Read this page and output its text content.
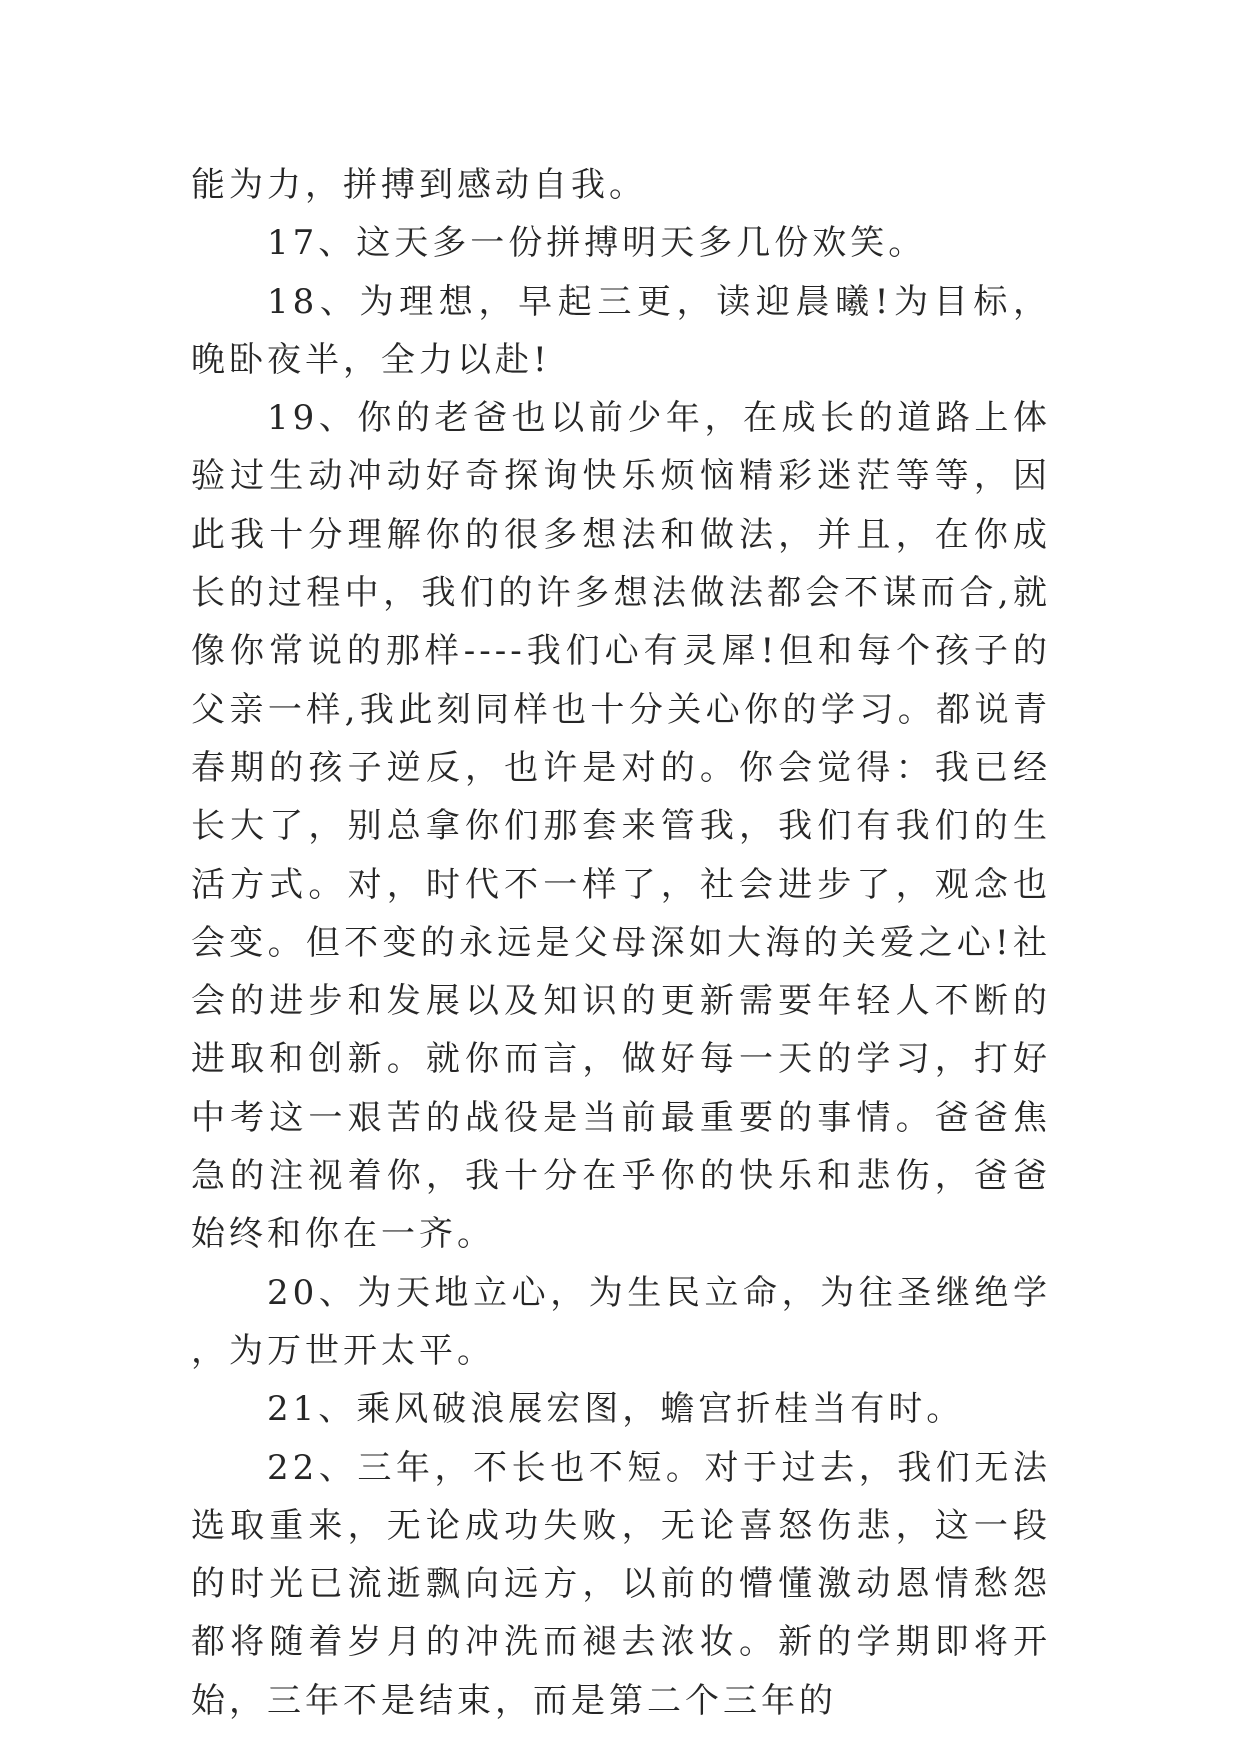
能为力，拼搏到感动自我。

17、这天多一份拼搏明天多几份欢笑。

18、为理想，早起三更，读迎晨曦!为目标，晚卧夜半，全力以赴!

19、你的老爸也以前少年，在成长的道路上体验过生动冲动好奇探询快乐烦恼精彩迷茫等等，因此我十分理解你的很多想法和做法，并且，在你成长的过程中，我们的许多想法做法都会不谋而合,就像你常说的那样----我们心有灵犀!但和每个孩子的父亲一样,我此刻同样也十分关心你的学习。都说青春期的孩子逆反，也许是对的。你会觉得：我已经长大了，别总拿你们那套来管我，我们有我们的生活方式。对，时代不一样了，社会进步了，观念也会变。但不变的永远是父母深如大海的关爱之心!社会的进步和发展以及知识的更新需要年轻人不断的进取和创新。就你而言，做好每一天的学习，打好中考这一艰苦的战役是当前最重要的事情。爸爸焦急的注视着你，我十分在乎你的快乐和悲伤，爸爸始终和你在一齐。

20、为天地立心，为生民立命，为往圣继绝学，为万世开太平。

21、乘风破浪展宏图，蟾宫折桂当有时。

22、三年，不长也不短。对于过去，我们无法选取重来，无论成功失败，无论喜怒伤悲，这一段的时光已流逝飘向远方，以前的懵懂激动恩情愁怨都将随着岁月的冲洗而褪去浓妆。新的学期即将开始，三年不是结束，而是第二个三年的
